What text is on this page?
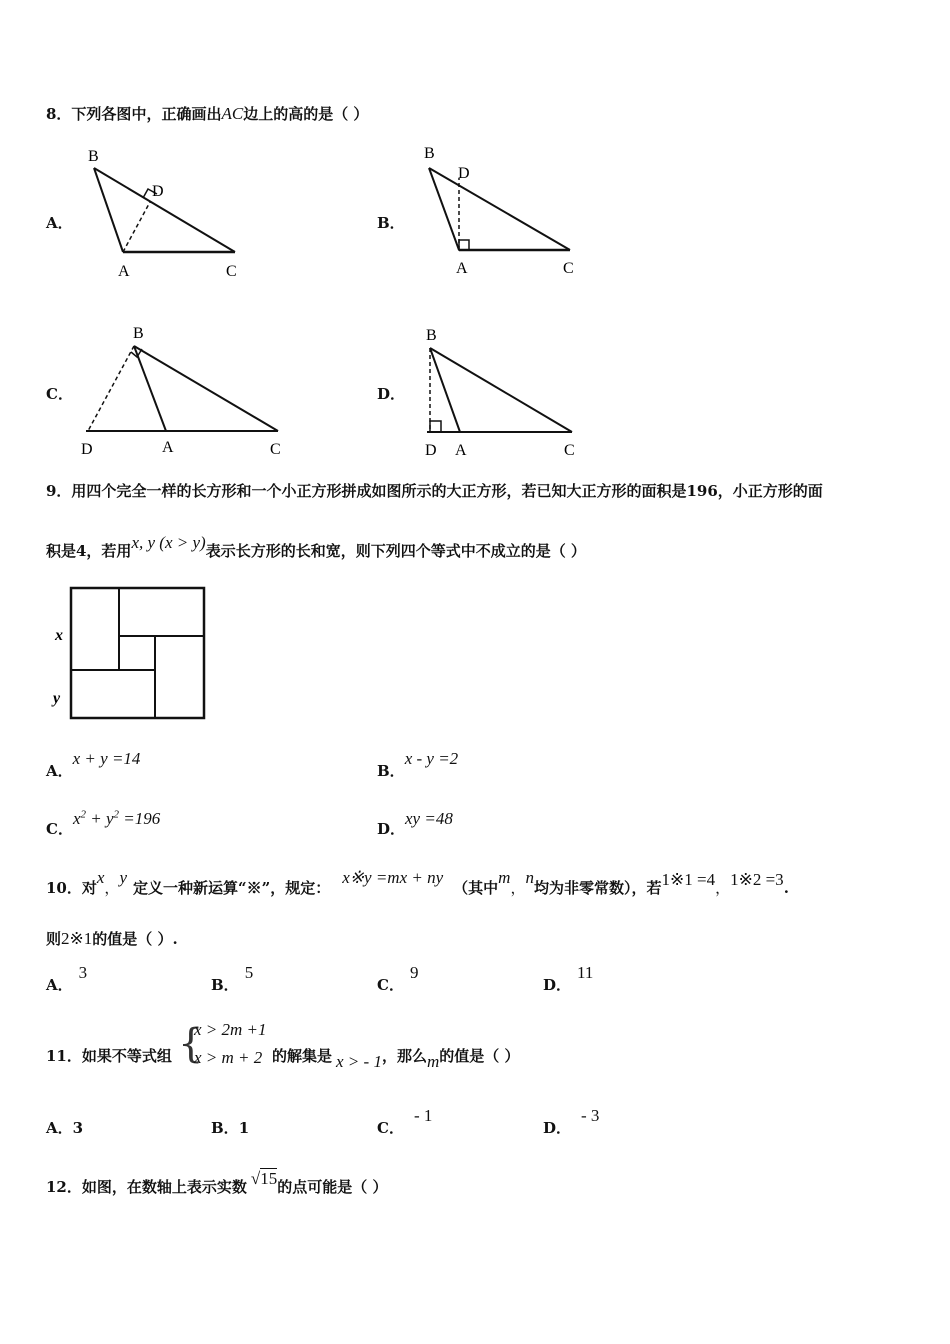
8．下列各图中，正确画出AC边上的高的是（ ）
A．
B
D
A	C
B．
B
D
A	C
C．
B
D	A	C
D．
B
D A	C
9．用四个完全一样的长方形和一个小正方形拼成如图所示的大正方形，若已知大正方形的面积是196，小正方形的面
积是4，若用x, y (x > y)表示长方形的长和宽，则下列四个等式中不成立的是（ ）
x
y
A．x + y =14
B．x - y =2
C．$x^2 + y^2 =196$
D．xy =48
10．对x，y定义一种新运算“※”，规定：x※y =mx + ny（其中m，n均为非零常数），若1※1 =4，1※2 =3.
则2※1的值是（ ）.
A．3
B．5
C．9
D．11
11．如果不等式组 {
x > 2m +1
x > m + 2 的解集是 x > - 1，那么m的值是（ ）
A．3	B．1	C．- 1
D．- 3
12．如图，在数轴上表示实数 √15的点可能是（ ）
